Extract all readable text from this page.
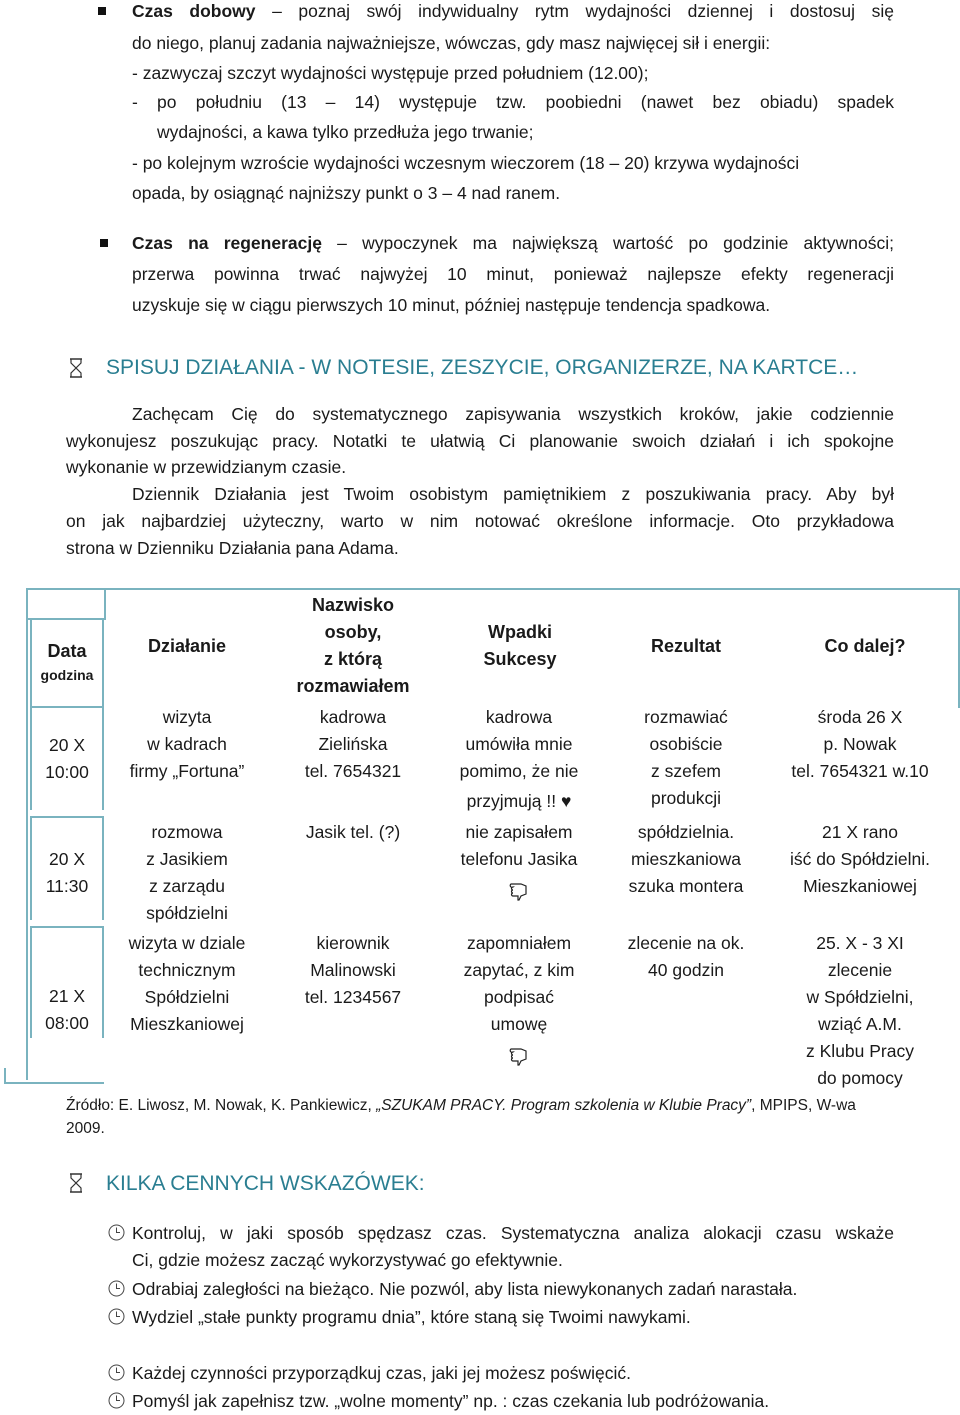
Czas dobowy – poznaj swój indywidualny rytm wydajności dziennej i dostosuj się
do niego, planuj zadania najważniejsze, wówczas, gdy masz najwięcej sił i energii:
- zazwyczaj szczyt wydajności występuje przed południem (12.00);
- po południu (13 – 14) występuje tzw. poobiedni (nawet bez obiadu) spadek
wydajności, a kawa tylko przedłuża jego trwanie;
- po kolejnym wzroście wydajności wczesnym wieczorem (18 – 20) krzywa wydajności
opada, by osiągnąć najniższy punkt o 3 – 4 nad ranem.
Czas na regenerację – wypoczynek ma największą wartość po godzinie aktywności;
przerwa powinna trwać najwyżej 10 minut, ponieważ najlepsze efekty regeneracji
uzyskuje się w ciągu pierwszych 10 minut, później następuje tendencja spadkowa.
SPISUJ DZIAŁANIA - W NOTESIE, ZESZYCIE, ORGANIZERZE, NA KARTCE…
Zachęcam Cię do systematycznego zapisywania wszystkich kroków, jakie codziennie
wykonujesz poszukując pracy. Notatki te ułatwią Ci planowanie swoich działań i ich spokojne
wykonanie w przewidzianym czasie.
Dziennik Działania jest Twoim osobistym pamiętnikiem z poszukiwania pracy. Aby był
on jak najbardziej użyteczny, warto w nim notować określone informacje. Oto przykładowa
strona w Dzienniku Działania pana Adama.
Data
godzina
Działanie
Nazwisko
osoby,
z którą
rozmawiałem
Wpadki
Sukcesy
Rezultat	Co dalej?
20 X
10:00
wizyta
w kadrach
firmy „Fortuna”
kadrowa
Zielińska
tel. 7654321
kadrowa
umówiła mnie
pomimo, że nie
przyjmują !! ♥
rozmawiać
osobiście
z szefem
produkcji
środa 26 X
p. Nowak
tel. 7654321 w.10
20 X
11:30
rozmowa
z Jasikiem
z zarządu
spółdzielni
Jasik tel. (?)	nie zapisałem
telefonu Jasika
spółdzielnia.
mieszkaniowa
szuka montera
21 X rano
iść do Spółdzielni.
Mieszkaniowej
21 X
08:00
wizyta w dziale
technicznym
Spółdzielni
Mieszkaniowej
kierownik
Malinowski
tel. 1234567
zapomniałem
zapytać, z kim
podpisać
umowę
zlecenie na ok.
40 godzin
25. X - 3 XI
zlecenie
w Spółdzielni,
wziąć A.M.
z Klubu Pracy
do pomocy
Źródło: E. Liwosz, M. Nowak, K. Pankiewicz, „SZUKAM PRACY. Program szkolenia w Klubie Pracy”, MPIPS, W-wa
2009.
KILKA CENNYCH WSKAZÓWEK:
Kontroluj, w jaki sposób spędzasz czas. Systematyczna analiza alokacji czasu wskaże
Ci, gdzie możesz zacząć wykorzystywać go efektywnie.
Odrabiaj zaległości na bieżąco. Nie pozwól, aby lista niewykonanych zadań narastała.
Wydziel „stałe punkty programu dnia”, które staną się Twoimi nawykami.
Każdej czynności przyporządkuj czas, jaki jej możesz poświęcić.
Pomyśl jak zapełnisz tzw. „wolne momenty” np. : czas czekania lub podróżowania.
